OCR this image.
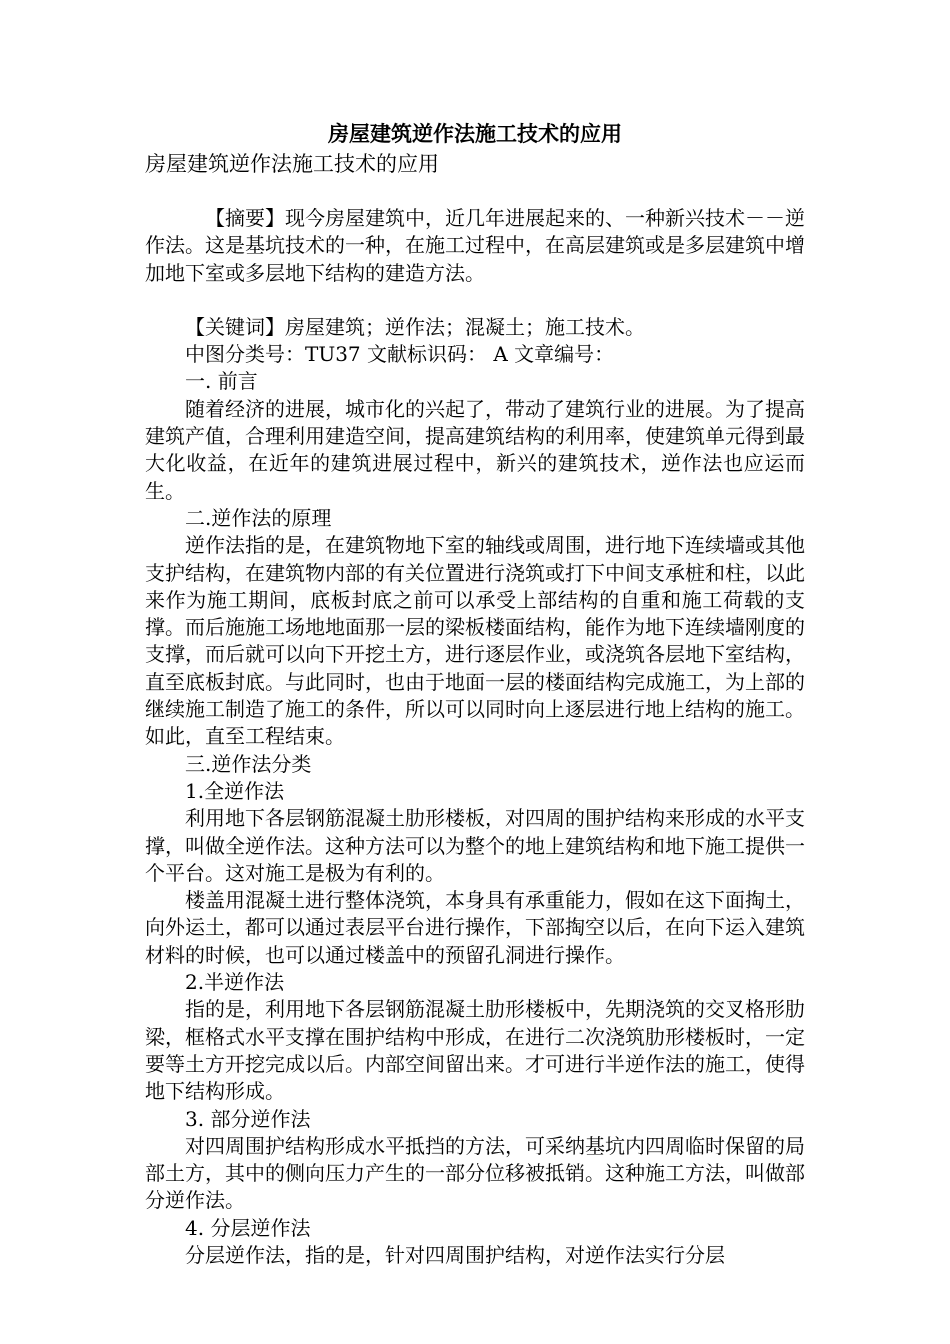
房屋建筑逆作法施工技术的应用

房屋建筑逆作法施工技术的应用

【摘要】现今房屋建筑中，近几年进展起来的、一种新兴技术－－逆作法。这是基坑技术的一种，在施工过程中，在高层建筑或是多层建筑中增加地下室或多层地下结构的建造方法。

【关键词】房屋建筑；逆作法；混凝土；施工技术。

中图分类号：TU37 文献标识码： A 文章编号：

一. 前言

随着经济的进展，城市化的兴起了，带动了建筑行业的进展。为了提高建筑产值，合理利用建造空间，提高建筑结构的利用率，使建筑单元得到最大化收益，在近年的建筑进展过程中，新兴的建筑技术，逆作法也应运而生。

二.逆作法的原理

逆作法指的是，在建筑物地下室的轴线或周围，进行地下连续墙或其他支护结构，在建筑物内部的有关位置进行浇筑或打下中间支承桩和柱，以此来作为施工期间，底板封底之前可以承受上部结构的自重和施工荷载的支撑。而后施施工场地地面那一层的梁板楼面结构，能作为地下连续墙刚度的支撑，而后就可以向下开挖土方，进行逐层作业，或浇筑各层地下室结构，直至底板封底。与此同时，也由于地面一层的楼面结构完成施工，为上部的继续施工制造了施工的条件，所以可以同时向上逐层进行地上结构的施工。如此，直至工程结束。

三.逆作法分类

1.全逆作法

利用地下各层钢筋混凝土肋形楼板，对四周的围护结构来形成的水平支撑，叫做全逆作法。这种方法可以为整个的地上建筑结构和地下施工提供一个平台。这对施工是极为有利的。

楼盖用混凝土进行整体浇筑，本身具有承重能力，假如在这下面掏土，向外运土，都可以通过表层平台进行操作，下部掏空以后，在向下运入建筑材料的时候，也可以通过楼盖中的预留孔洞进行操作。

2.半逆作法

指的是，利用地下各层钢筋混凝土肋形楼板中，先期浇筑的交叉格形肋梁，框格式水平支撑在围护结构中形成，在进行二次浇筑肋形楼板时，一定要等土方开挖完成以后。内部空间留出来。才可进行半逆作法的施工，使得地下结构形成。

3. 部分逆作法

对四周围护结构形成水平抵挡的方法，可采纳基坑内四周临时保留的局部土方，其中的侧向压力产生的一部分位移被抵销。这种施工方法，叫做部分逆作法。

4. 分层逆作法

分层逆作法，指的是，针对四周围护结构，对逆作法实行分层
